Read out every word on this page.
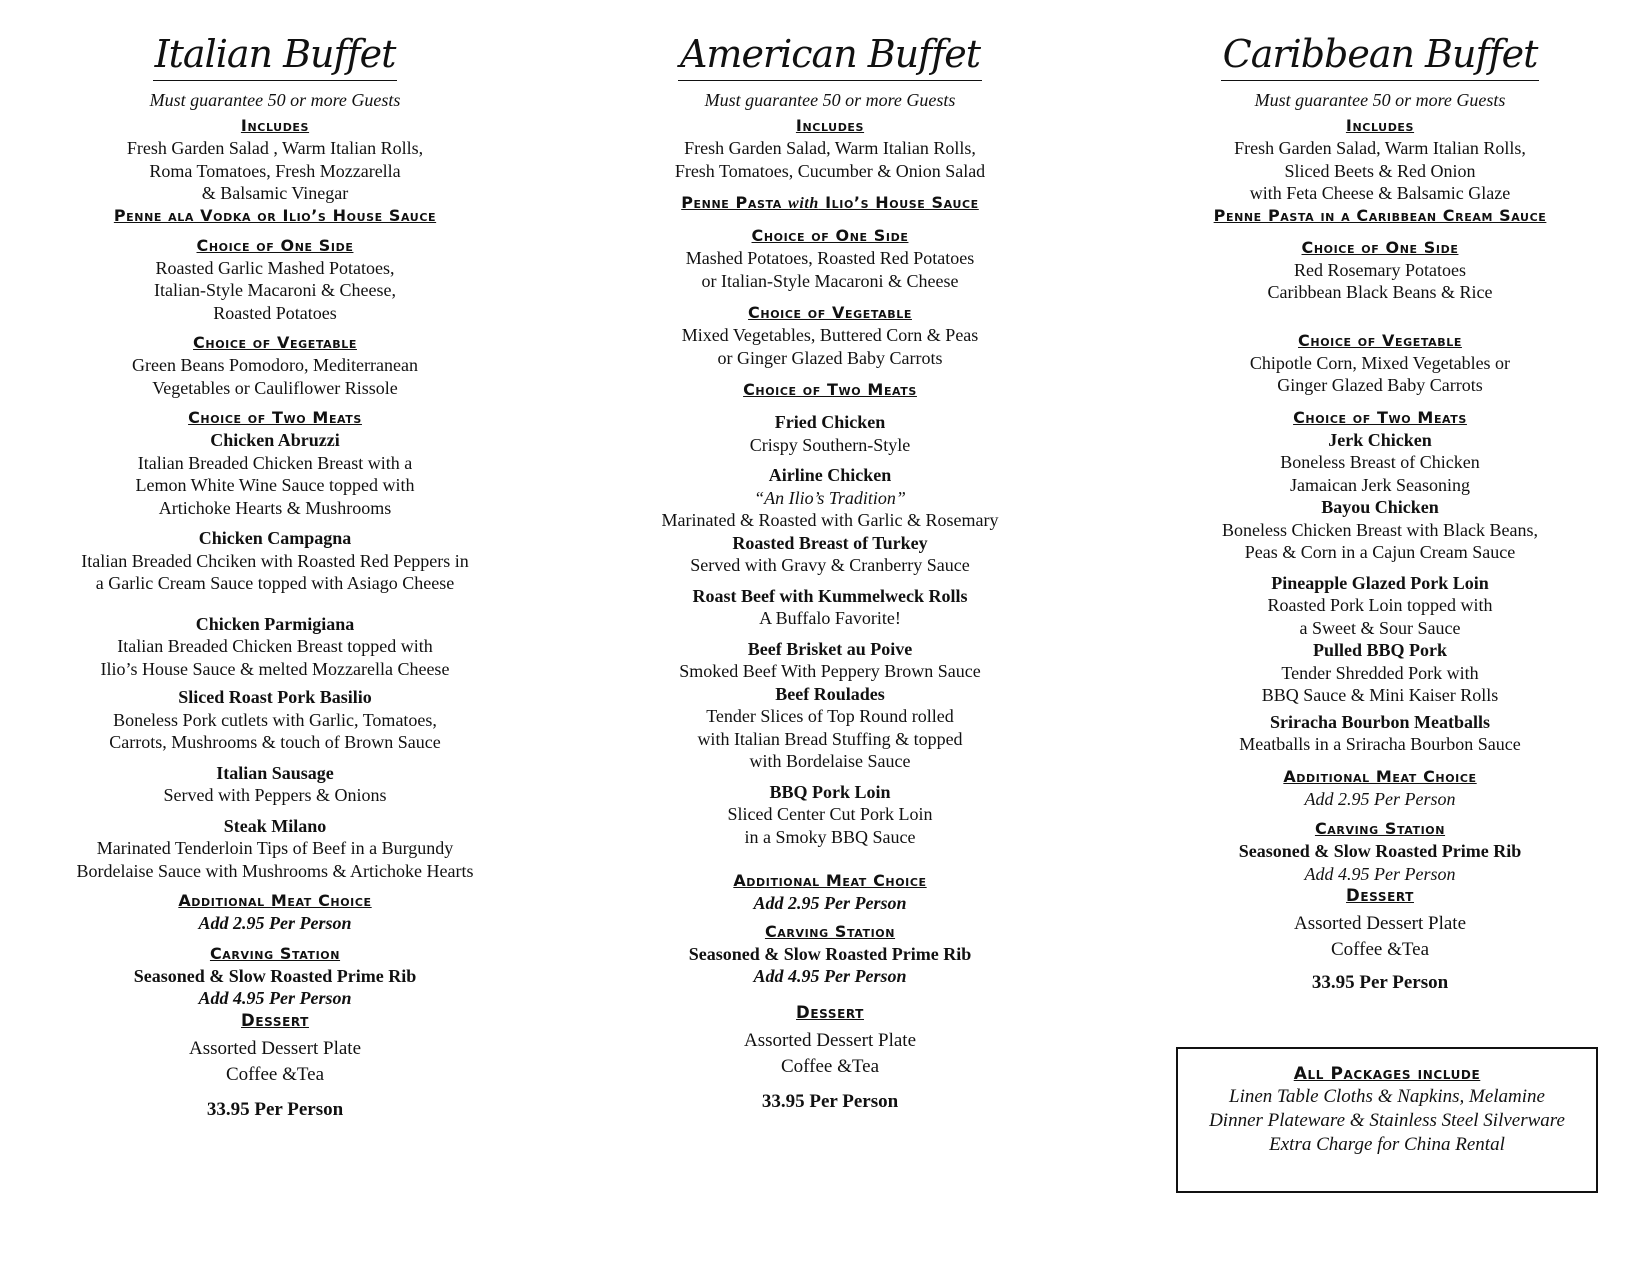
Italian Buffet
Must guarantee 50 or more Guests
Includes
Fresh Garden Salad , Warm Italian Rolls,
Roma Tomatoes, Fresh Mozzarella
& Balsamic Vinegar
Penne ala Vodka or Ilio’s House Sauce
Choice of One Side
Roasted Garlic Mashed Potatoes,
Italian-Style Macaroni & Cheese,
Roasted Potatoes
Choice of Vegetable
Green Beans Pomodoro, Mediterranean
Vegetables or Cauliflower Rissole
Choice of Two Meats
Chicken Abruzzi
Italian Breaded Chicken Breast with a
Lemon White Wine Sauce topped with
Artichoke Hearts & Mushrooms
Chicken Campagna
Italian Breaded Chciken with Roasted Red Peppers in
a Garlic Cream Sauce topped with Asiago Cheese
Chicken Parmigiana
Italian Breaded Chicken Breast topped with
Ilio’s House Sauce & melted Mozzarella Cheese
Sliced Roast Pork Basilio
Boneless Pork cutlets with Garlic, Tomatoes,
Carrots, Mushrooms & touch of Brown Sauce
Italian Sausage
Served with Peppers & Onions
Steak Milano
Marinated Tenderloin Tips of Beef in a Burgundy
Bordelaise Sauce with Mushrooms & Artichoke Hearts
Additional Meat Choice
Add 2.95 Per Person
Carving Station
Seasoned & Slow Roasted Prime Rib
Add 4.95 Per Person
Dessert
Assorted Dessert Plate
Coffee &Tea
33.95 Per Person
American Buffet
Must guarantee 50 or more Guests
Includes
Fresh Garden Salad, Warm Italian Rolls,
Fresh Tomatoes, Cucumber & Onion Salad
Penne Pasta with Ilio’s House Sauce
Choice of One Side
Mashed Potatoes, Roasted Red Potatoes
or Italian-Style Macaroni & Cheese
Choice of Vegetable
Mixed Vegetables, Buttered Corn & Peas
or Ginger Glazed Baby Carrots
Choice of Two Meats
Fried Chicken
Crispy Southern-Style
Airline Chicken
“An Ilio’s Tradition”
Marinated & Roasted with Garlic & Rosemary
Roasted Breast of Turkey
Served with Gravy & Cranberry Sauce
Roast Beef with Kummelweck Rolls
A Buffalo Favorite!
Beef Brisket au Poive
Smoked Beef With Peppery Brown Sauce
Beef Roulades
Tender Slices of Top Round rolled
with Italian Bread Stuffing & topped
with Bordelaise Sauce
BBQ Pork Loin
Sliced Center Cut Pork Loin
in a Smoky BBQ Sauce
Additional Meat Choice
Add 2.95 Per Person
Carving Station
Seasoned & Slow Roasted Prime Rib
Add 4.95 Per Person
Dessert
Assorted Dessert Plate
Coffee &Tea
33.95 Per Person
Caribbean Buffet
Must guarantee 50 or more Guests
Includes
Fresh Garden Salad, Warm Italian Rolls,
Sliced Beets & Red Onion
with Feta Cheese & Balsamic Glaze
Penne Pasta in a Caribbean Cream Sauce
Choice of One Side
Red Rosemary Potatoes
Caribbean Black Beans & Rice
Choice of Vegetable
Chipotle Corn, Mixed Vegetables or
Ginger Glazed Baby Carrots
Choice of Two Meats
Jerk Chicken
Boneless Breast of Chicken
Jamaican Jerk Seasoning
Bayou Chicken
Boneless Chicken Breast with Black Beans,
Peas & Corn in a Cajun Cream Sauce
Pineapple Glazed Pork Loin
Roasted Pork Loin topped with
a Sweet & Sour Sauce
Pulled BBQ Pork
Tender Shredded Pork with
BBQ Sauce & Mini Kaiser Rolls
Sriracha Bourbon Meatballs
Meatballs in a Sriracha Bourbon Sauce
Additional Meat Choice
Add 2.95 Per Person
Carving Station
Seasoned & Slow Roasted Prime Rib
Add 4.95 Per Person
Dessert
Assorted Dessert Plate
Coffee &Tea
33.95 Per Person
All Packages include
Linen Table Cloths & Napkins, Melamine
Dinner Plateware & Stainless Steel Silverware
Extra Charge for China Rental
